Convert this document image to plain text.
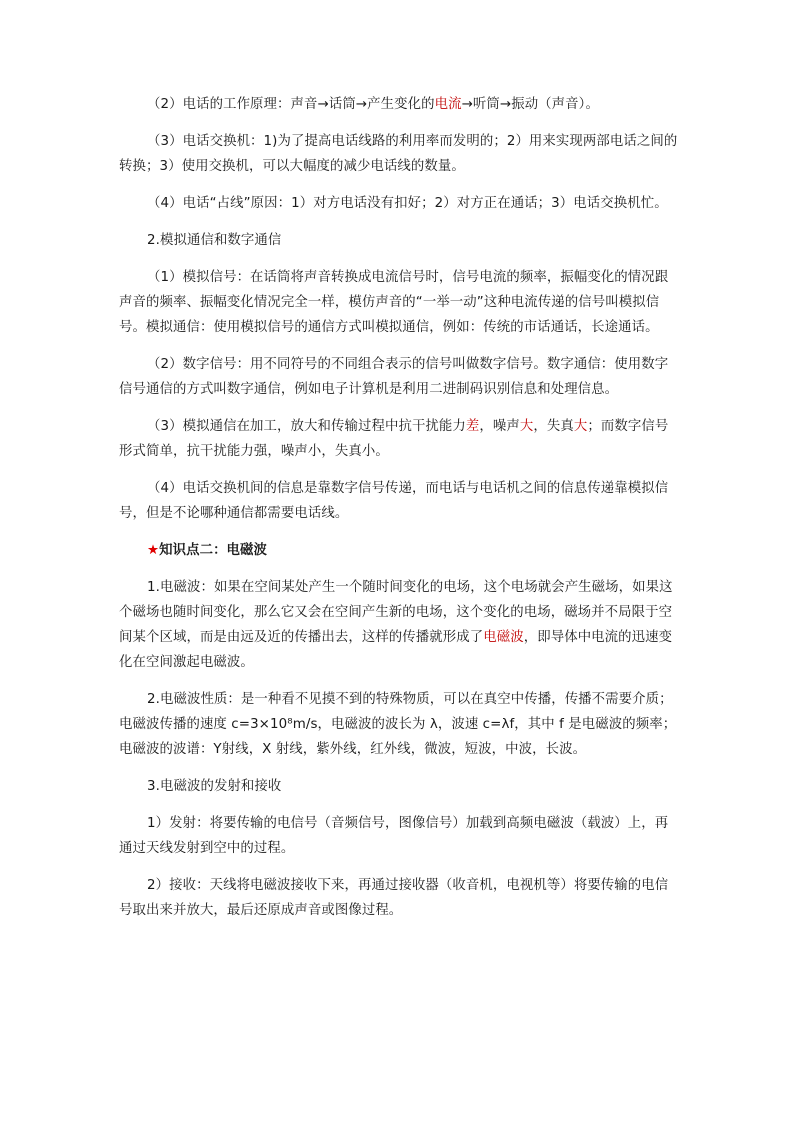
（2）电话的工作原理：声音→话筒→产生变化的电流→听筒→振动（声音）。

（3）电话交换机：1)为了提高电话线路的利用率而发明的；2）用来实现两部电话之间的转换；3）使用交换机，可以大幅度的减少电话线的数量。

（4）电话“占线”原因：1）对方电话没有扣好；2）对方正在通话；3）电话交换机忙。

2.模拟通信和数字通信

（1）模拟信号：在话筒将声音转换成电流信号时，信号电流的频率，振幅变化的情况跟声音的频率、振幅变化情况完全一样，模仿声音的“一举一动”这种电流传递的信号叫模拟信号。模拟通信：使用模拟信号的通信方式叫模拟通信，例如：传统的市话通话，长途通话。

（2）数字信号：用不同符号的不同组合表示的信号叫做数字信号。数字通信：使用数字信号通信的方式叫数字通信，例如电子计算机是利用二进制码识别信息和处理信息。

（3）模拟通信在加工，放大和传输过程中抗干扰能力差，噪声大，失真大；而数字信号形式简单，抗干扰能力强，噪声小，失真小。

（4）电话交换机间的信息是靠数字信号传递，而电话与电话机之间的信息传递靠模拟信号，但是不论哪种通信都需要电话线。

★知识点二：电磁波

1.电磁波：如果在空间某处产生一个随时间变化的电场，这个电场就会产生磁场，如果这个磁场也随时间变化，那么它又会在空间产生新的电场，这个变化的电场，磁场并不局限于空间某个区域，而是由远及近的传播出去，这样的传播就形成了电磁波，即导体中电流的迅速变化在空间激起电磁波。

2.电磁波性质：是一种看不见摸不到的特殊物质，可以在真空中传播，传播不需要介质；电磁波传播的速度 c=3×10⁸m/s，电磁波的波长为 λ，波速 c=λf，其中 f 是电磁波的频率；电磁波的波谱：Υ射线，X 射线，紫外线，红外线，微波，短波，中波，长波。

3.电磁波的发射和接收

1）发射：将要传输的电信号（音频信号，图像信号）加载到高频电磁波（载波）上，再通过天线发射到空中的过程。

2）接收：天线将电磁波接收下来，再通过接收器（收音机，电视机等）将要传输的电信号取出来并放大，最后还原成声音或图像过程。
